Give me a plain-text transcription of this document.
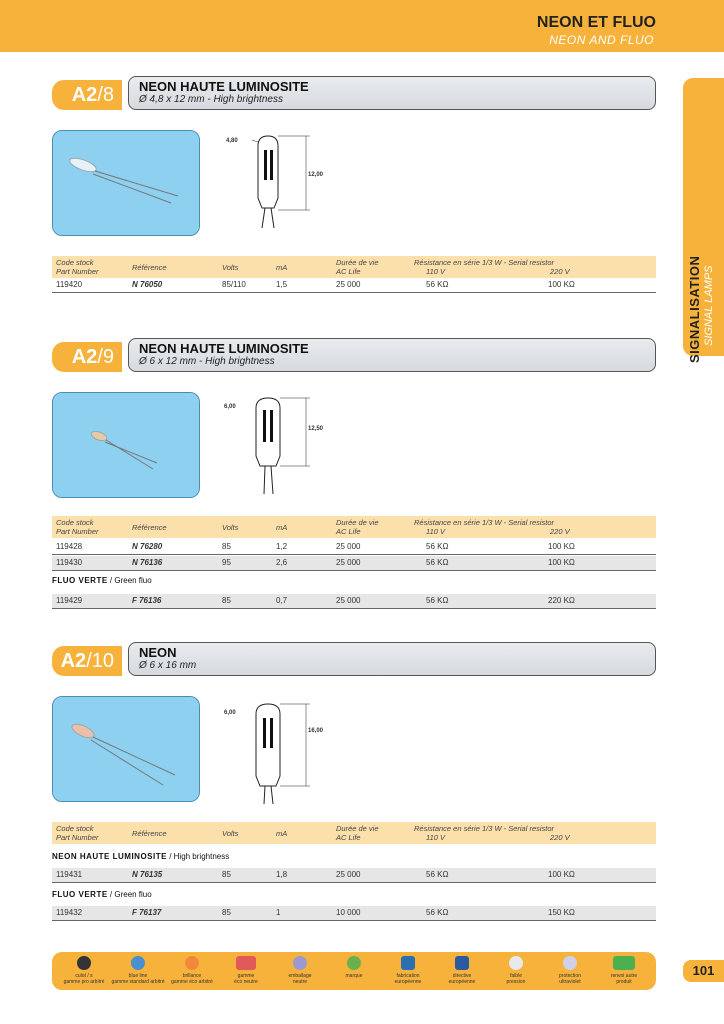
NEON ET FLUO
NEON AND FLUO
SIGNALISATION SIGNAL LAMPS
A2/8	NEON HAUTE LUMINOSITE
Ø 4,8 x 12 mm - High brightness
4,80
12,00
Code stock
Part Number	Référence	Volts	mA
Durée de vie
AC Life
Résistance en série 1/3 W - Serial resistor
110 V	220 V
119420	N 76050	85/110	1,5	25 000	56 KΩ	100 KΩ
A2/9	NEON HAUTE LUMINOSITE
Ø 6 x 12 mm - High brightness
6,00
12,50
Code stock
Part Number	Référence	Volts	mA
Durée de vie
AC Life
Résistance en série 1/3 W - Serial resistor
110 V	220 V
119428	N 76280	85	1,2	25 000	56 KΩ	100 KΩ
119430	N 76136	95	2,6	25 000	56 KΩ	100 KΩ
FLUO VERTE / Green fluo
119429	F 76136	85	0,7	25 000	56 KΩ	220 KΩ
A2/10	NEON
Ø 6 x 16 mm
6,00
16,00
Code stock
Part Number	Référence	Volts	mA
Durée de vie
AC Life
Résistance en série 1/3 W - Serial resistor
110 V	220 V
NEON HAUTE LUMINOSITE / High brightness
119431	N 76135	85	1,8	25 000	56 KΩ	100 KΩ
FLUO VERTE / Green fluo
119432	F 76137	85	1	10 000	56 KΩ	150 KΩ
culot / s
gamme pro arbitré
blue line
gamme standard arbitré
brillance
gamme éco arbitré
gamme
éco neutre
emballage
neutre
marque	fabrication
européenne
directive
européenne
faible
pression
protection
ultraviolet
renvoi autre
produit
101
